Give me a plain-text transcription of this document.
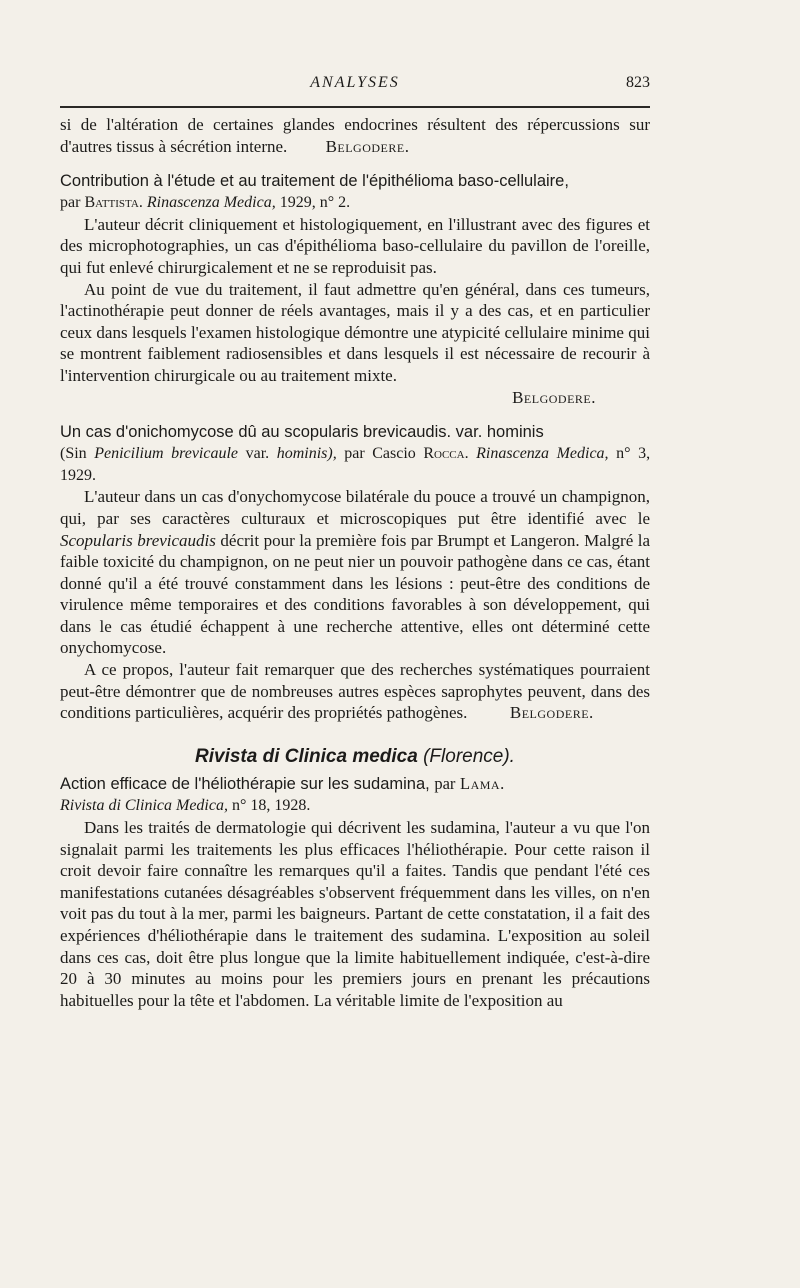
ANALYSES	823

si de l'altération de certaines glandes endocrines résultent des répercussions sur d'autres tissus à sécrétion interne. Belgodere.

Contribution à l'étude et au traitement de l'épithélioma baso-cellulaire,

par Battista. Rinascenza Medica, 1929, n° 2.

L'auteur décrit cliniquement et histologiquement, en l'illustrant avec des figures et des microphotographies, un cas d'épithélioma baso-cellulaire du pavillon de l'oreille, qui fut enlevé chirurgicalement et ne se reproduisit pas.

Au point de vue du traitement, il faut admettre qu'en général, dans ces tumeurs, l'actinothérapie peut donner de réels avantages, mais il y a des cas, et en particulier ceux dans lesquels l'examen histologique démontre une atypicité cellulaire minime qui se montrent faiblement radiosensibles et dans lesquels il est nécessaire de recourir à l'intervention chirurgicale ou au traitement mixte.

Belgodere.

Un cas d'onichomycose dû au scopularis brevicaudis. var. hominis

(Sin Penicilium brevicaule var. hominis), par Cascio Rocca. Rinascenza Medica, n° 3, 1929.

L'auteur dans un cas d'onychomycose bilatérale du pouce a trouvé un champignon, qui, par ses caractères culturaux et microscopiques put être identifié avec le Scopularis brevicaudis décrit pour la première fois par Brumpt et Langeron. Malgré la faible toxicité du champignon, on ne peut nier un pouvoir pathogène dans ce cas, étant donné qu'il a été trouvé constamment dans les lésions : peut-être des conditions de virulence même temporaires et des conditions favorables à son développement, qui dans le cas étudié échappent à une recherche attentive, elles ont déterminé cette onychomycose.

A ce propos, l'auteur fait remarquer que des recherches systématiques pourraient peut-être démontrer que de nombreuses autres espèces saprophytes peuvent, dans des conditions particulières, acquérir des propriétés pathogènes.	Belgodere.

Rivista di Clinica medica (Florence).
Action efficace de l'héliothérapie sur les sudamina, par Lama.

Rivista di Clinica Medica, n° 18, 1928.

Dans les traités de dermatologie qui décrivent les sudamina, l'auteur a vu que l'on signalait parmi les traitements les plus efficaces l'héliothérapie. Pour cette raison il croit devoir faire connaître les remarques qu'il a faites. Tandis que pendant l'été ces manifestations cutanées désagréables s'observent fréquemment dans les villes, on n'en voit pas du tout à la mer, parmi les baigneurs. Partant de cette constatation, il a fait des expériences d'héliothérapie dans le traitement des sudamina. L'exposition au soleil dans ces cas, doit être plus longue que la limite habituellement indiquée, c'est-à-dire 20 à 30 minutes au moins pour les premiers jours en prenant les précautions habituelles pour la tête et l'abdomen. La véritable limite de l'exposition au
